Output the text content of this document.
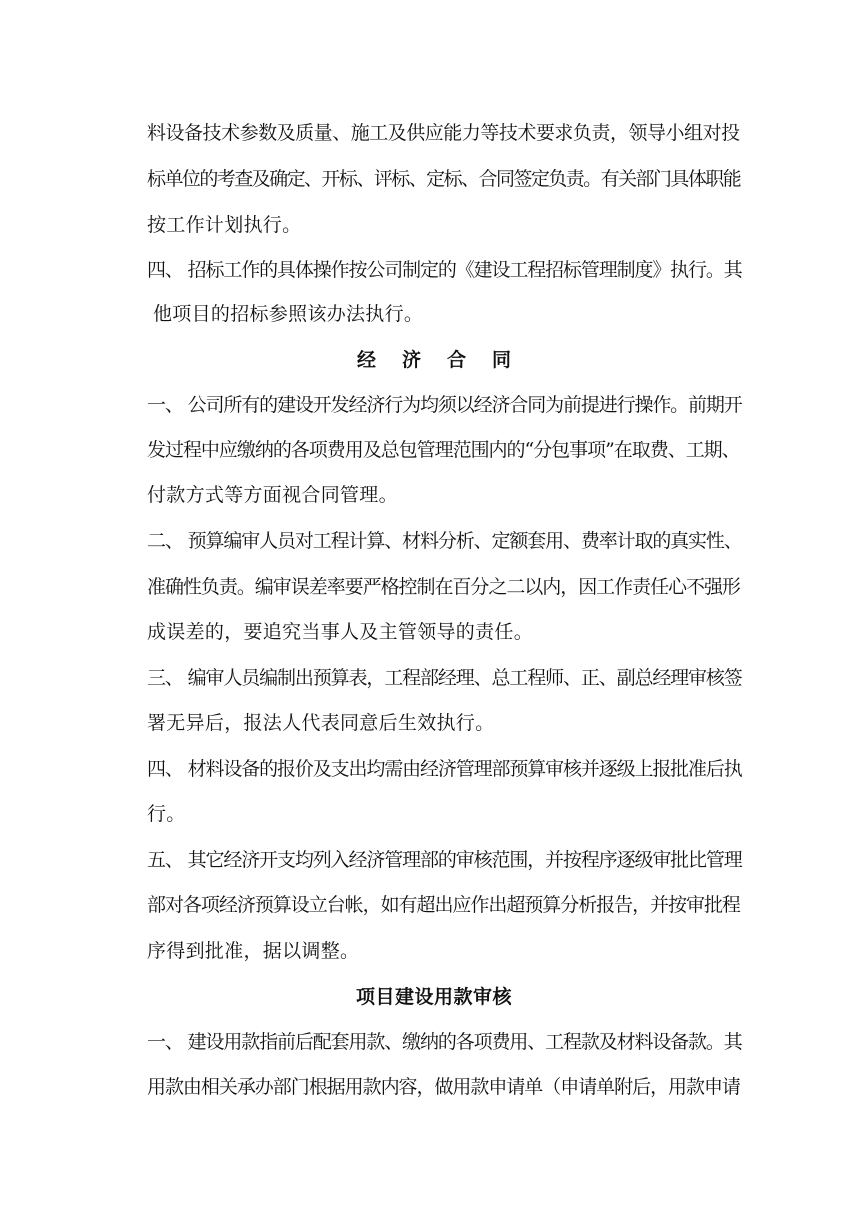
料设备技术参数及质量、施工及供应能力等技术要求负责，领导小组对投
标单位的考查及确定、开标、评标、定标、合同签定负责。有关部门具体职能
按工作计划执行。
四、 招标工作的具体操作按公司制定的《建设工程招标管理制度》执行。其
他项目的招标参照该办法执行。
经济合同
一、 公司所有的建设开发经济行为均须以经济合同为前提进行操作。前期开
发过程中应缴纳的各项费用及总包管理范围内的“分包事项”在取费、工期、
付款方式等方面视合同管理。
二、 预算编审人员对工程计算、材料分析、定额套用、费率计取的真实性、
准确性负责。编审误差率要严格控制在百分之二以内，因工作责任心不强形
成误差的，要追究当事人及主管领导的责任。
三、 编审人员编制出预算表，工程部经理、总工程师、正、副总经理审核签
署无异后，报法人代表同意后生效执行。
四、 材料设备的报价及支出均需由经济管理部预算审核并逐级上报批准后执
行。
五、 其它经济开支均列入经济管理部的审核范围，并按程序逐级审批比管理
部对各项经济预算设立台帐，如有超出应作出超预算分析报告，并按审批程
序得到批准，据以调整。
项目建设用款审核
一、 建设用款指前后配套用款、缴纳的各项费用、工程款及材料设备款。其
用款由相关承办部门根据用款内容，做用款申请单（申请单附后，用款申请
